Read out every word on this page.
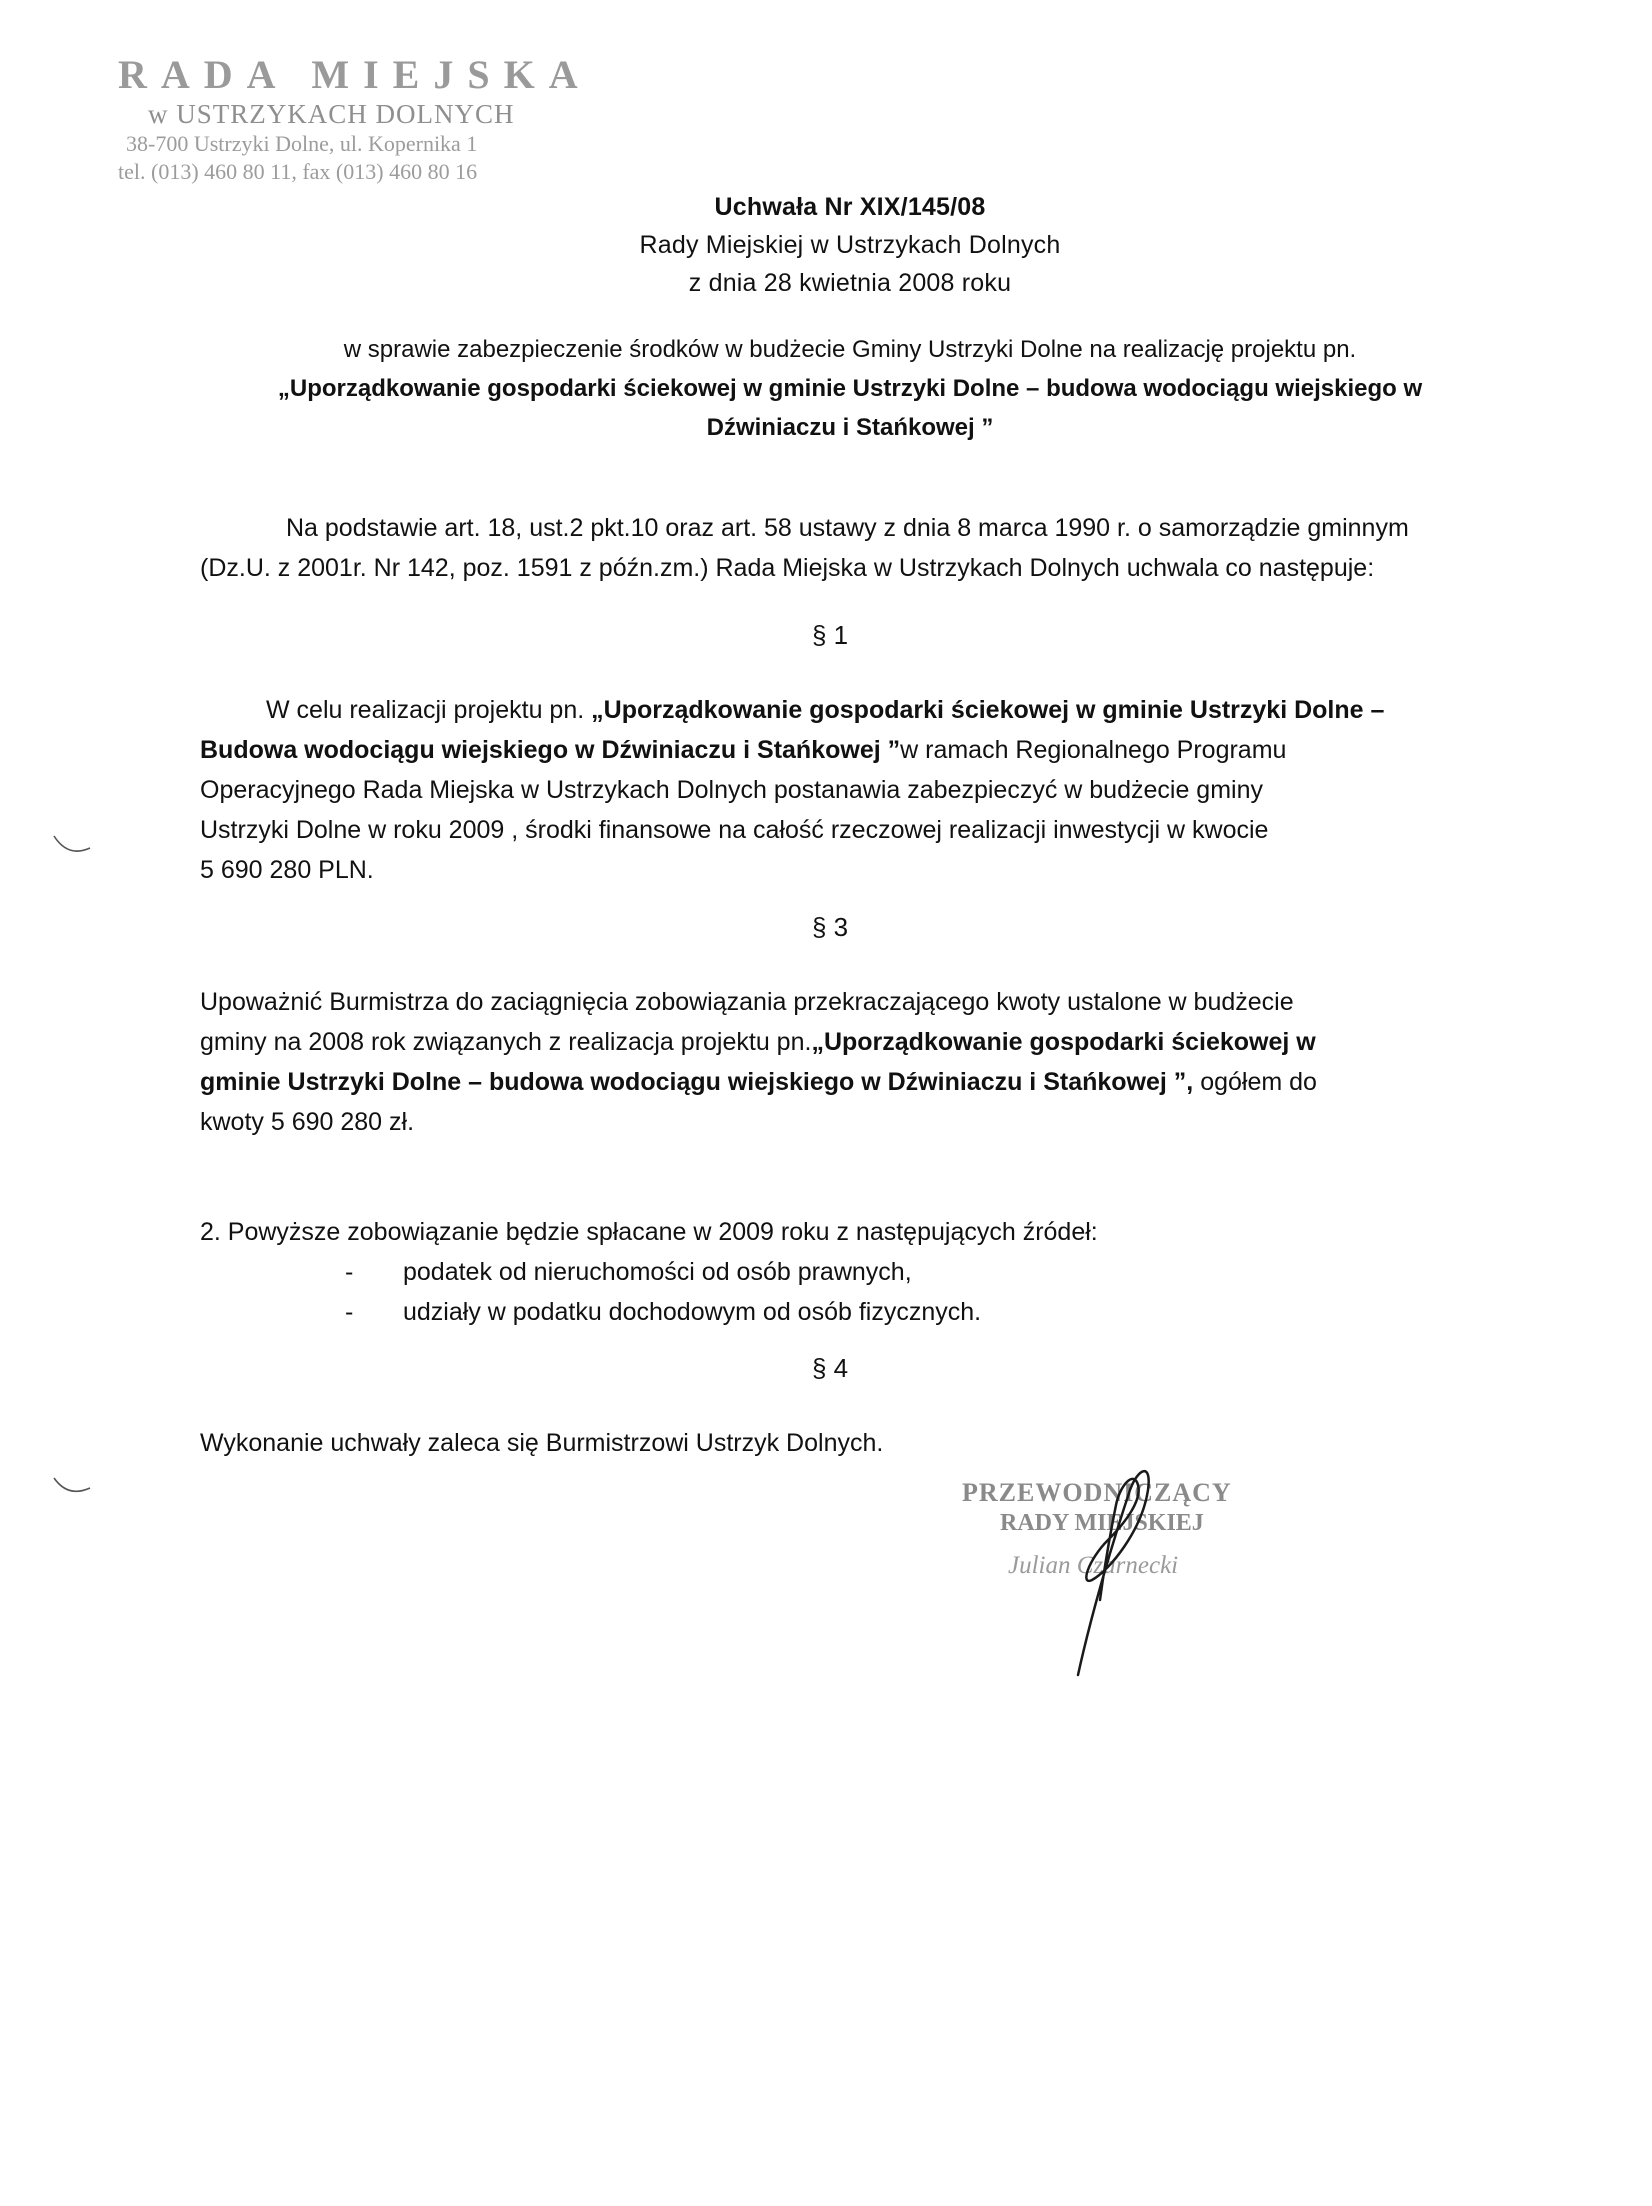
RADA MIEJSKA
w USTRZYKACH DOLNYCH
38-700 Ustrzyki Dolne, ul. Kopernika 1
tel. (013) 460 80 11, fax (013) 460 80 16
Uchwała Nr XIX/145/08
Rady Miejskiej w Ustrzykach Dolnych
z dnia 28 kwietnia 2008 roku
w sprawie zabezpieczenie środków w budżecie Gminy Ustrzyki Dolne na realizację projektu pn.
„Uporządkowanie gospodarki ściekowej w gminie Ustrzyki Dolne – budowa wodociągu wiejskiego w
Dźwiniaczu i Stańkowej ”
Na podstawie art. 18, ust.2 pkt.10 oraz art. 58 ustawy z dnia 8 marca 1990 r. o samorządzie gminnym
(Dz.U. z 2001r. Nr 142, poz. 1591 z późn.zm.) Rada Miejska w Ustrzykach Dolnych uchwala co następuje:
§ 1
W celu realizacji projektu pn. „Uporządkowanie gospodarki ściekowej w gminie Ustrzyki Dolne –
Budowa wodociągu wiejskiego w Dźwiniaczu i Stańkowej ”w ramach Regionalnego Programu
Operacyjnego Rada Miejska w Ustrzykach Dolnych postanawia zabezpieczyć w budżecie gminy
Ustrzyki Dolne w roku 2009 , środki finansowe na całość rzeczowej realizacji inwestycji w kwocie
5 690 280 PLN.
§ 3
Upoważnić Burmistrza do zaciągnięcia zobowiązania przekraczającego kwoty ustalone w budżecie
gminy na 2008 rok związanych z realizacja projektu pn.„Uporządkowanie gospodarki ściekowej w
gminie Ustrzyki Dolne – budowa wodociągu wiejskiego w Dźwiniaczu i Stańkowej ”, ogółem do
kwoty 5 690 280 zł.
2. Powyższe zobowiązanie będzie spłacane w 2009 roku z następujących źródeł:
- podatek od nieruchomości od osób prawnych,
- udziały w podatku dochodowym od osób fizycznych.
§ 4
Wykonanie uchwały zaleca się Burmistrzowi Ustrzyk Dolnych.
PRZEWODNICZĄCY
RADY MIEJSKIEJ
Julian Czarnecki
